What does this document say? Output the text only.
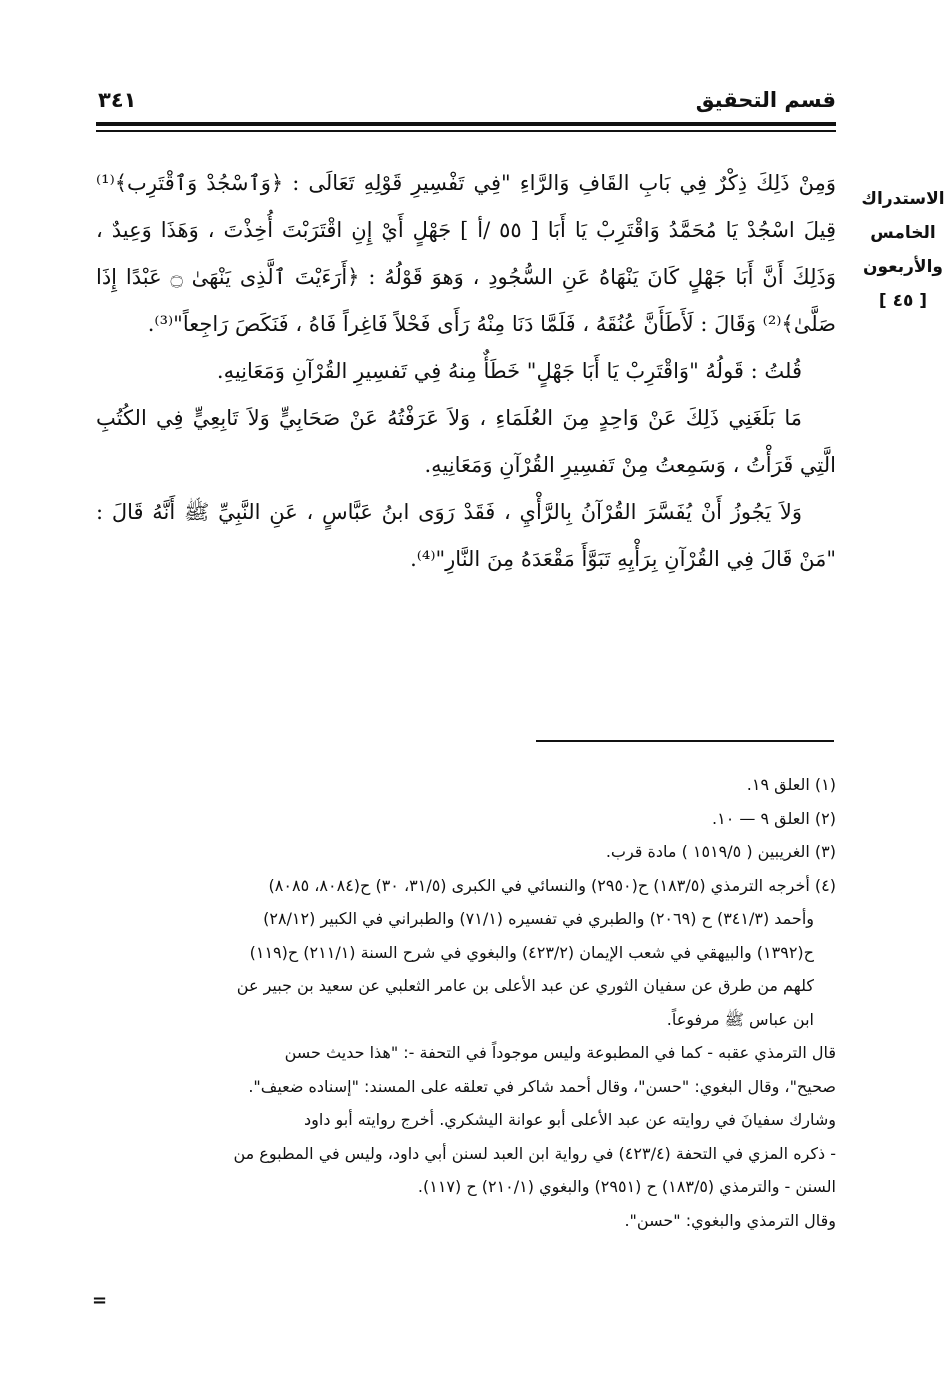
قسم التحقيق
٣٤١
الاستدراك
الخامس
والأربعون
[ ٤٥ ]

وَمِنْ ذَلِكَ ذِكْرٌ فِي بَابِ القَافِ وَالرَّاءِ "فِي تَفْسِيرِ قَوْلِهِ تَعَالَى : ﴿وَٱسْجُدْ وَٱقْتَرِب﴾⁽¹⁾ قِيلَ اسْجُدْ يَا مُحَمَّدُ وَاقْتَرِبْ يَا أَبَا [ ٥٥ /أ ] جَهْلٍ أَيْ إِنِ اقْتَرَبْتَ أُخِذْتَ ، وَهَذَا وَعِيدٌ ، وَذَلِكَ أَنَّ أَبَا جَهْلٍ كَانَ يَنْهَاهُ عَنِ السُّجُودِ ، وَهوَ قَوْلُهُ : ﴿أَرَءَيْتَ ٱلَّذِى يَنْهَىٰ ۝ عَبْدًا إِذَا صَلَّىٰ﴾⁽²⁾ وَقَالَ : لَأَطَأَنَّ عُنُقَهُ ، فَلَمَّا دَنَا مِنْهُ رَأَى فَحْلاً فَاغِراً فَاهُ ، فَنَكَصَ رَاجِعاً"⁽³⁾.

قُلتُ : قَولُهُ "وَاقْتَرِبْ يَا أَبَا جَهْلٍ" خَطَأٌ مِنهُ فِي تَفسِيرِ القُرْآنِ وَمَعَانِيهِ.

مَا بَلَغَنِي ذَلِكَ عَنْ وَاحِدٍ مِنَ العُلَمَاءِ ، وَلاَ عَرَفْتُهُ عَنْ صَحَابِيٍّ وَلاَ تَابِعِيٍّ فِي الكُتُبِ الَّتِي قَرَأْتُ ، وَسَمِعتُ مِنْ تَفسِيرِ القُرْآنِ وَمَعَانِيهِ.

وَلاَ يَجُوزُ أَنْ يُفَسَّرَ القُرْآنُ بِالرَّأْيِ ، فَقَدْ رَوَى ابنُ عَبَّاسٍ ، عَنِ النَّبِيِّ ﷺ أَنَّهُ قَالَ : "مَنْ قَالَ فِي القُرْآنِ بِرَأْيِهِ تَبَوَّأَ مَقْعَدَهُ مِنَ النَّارِ"⁽⁴⁾.

(١) العلق ١٩.

(٢) العلق ٩ — ١٠.

(٣) الغريبين ( ١٥١٩/٥ ) مادة قرب.

(٤) أخرجه الترمذي (١٨٣/٥) ح(٢٩٥٠) والنسائي في الكبرى (٣١/٥، ٣٠) ح(٨٠٨٤، ٨٠٨٥)

وأحمد (٣٤١/٣) ح (٢٠٦٩) والطبري في تفسيره (٧١/١) والطبراني في الكبير (٢٨/١٢)

ح(١٣٩٢) والبيهقي في شعب الإيمان (٤٢٣/٢) والبغوي في شرح السنة (٢١١/١) ح(١١٩)

كلهم من طرق عن سفيان الثوري عن عبد الأعلى بن عامر الثعلبي عن سعيد بن جبير عن

ابن عباس ﷺ مرفوعاً.

قال الترمذي عقبه - كما في المطبوعة وليس موجوداً في التحفة -: "هذا حديث حسن

صحيح"، وقال البغوي: "حسن"، وقال أحمد شاكر في تعلقه على المسند: "إسناده ضعيف".

وشارك سفيانَ في روايته عن عبد الأعلى أبو عوانة اليشكري. أخرج روايته أبو داود

- ذكره المزي في التحفة (٤٢٣/٤) في رواية ابن العبد لسنن أبي داود، وليس في المطبوع من

السنن - والترمذي (١٨٣/٥) ح (٢٩٥١) والبغوي (٢١٠/١) ح (١١٧).

وقال الترمذي والبغوي: "حسن".

=
